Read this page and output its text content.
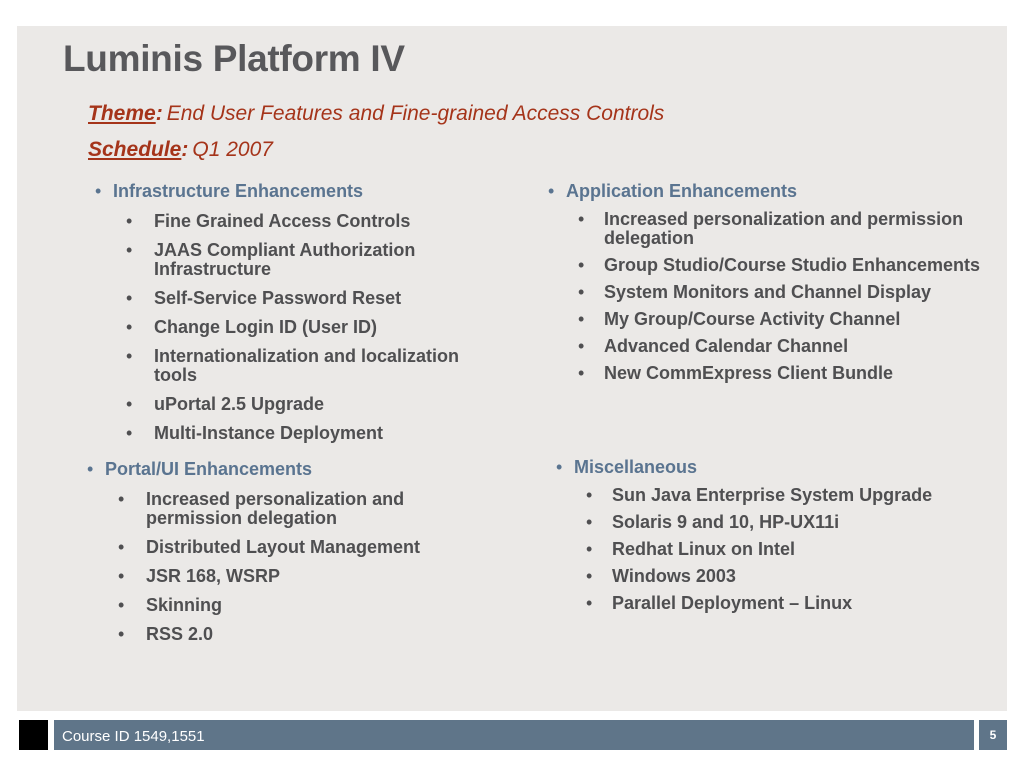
Luminis Platform IV
Theme: End User Features and Fine-grained Access Controls
Schedule: Q1 2007
• Infrastructure Enhancements
• Fine Grained Access Controls
• JAAS Compliant Authorization Infrastructure
• Self-Service Password Reset
• Change Login ID (User ID)
• Internationalization and localization tools
• uPortal 2.5 Upgrade
• Multi-Instance Deployment
• Portal/UI Enhancements
• Increased personalization and permission delegation
• Distributed Layout Management
• JSR 168, WSRP
• Skinning
• RSS 2.0
• Application Enhancements
• Increased personalization and permission delegation
• Group Studio/Course Studio Enhancements
• System Monitors and Channel Display
• My Group/Course Activity Channel
• Advanced Calendar Channel
• New CommExpress Client Bundle
• Miscellaneous
• Sun Java Enterprise System Upgrade
• Solaris 9 and 10, HP-UX11i
• Redhat Linux on Intel
• Windows 2003
• Parallel Deployment – Linux
Course ID 1549,1551	5
